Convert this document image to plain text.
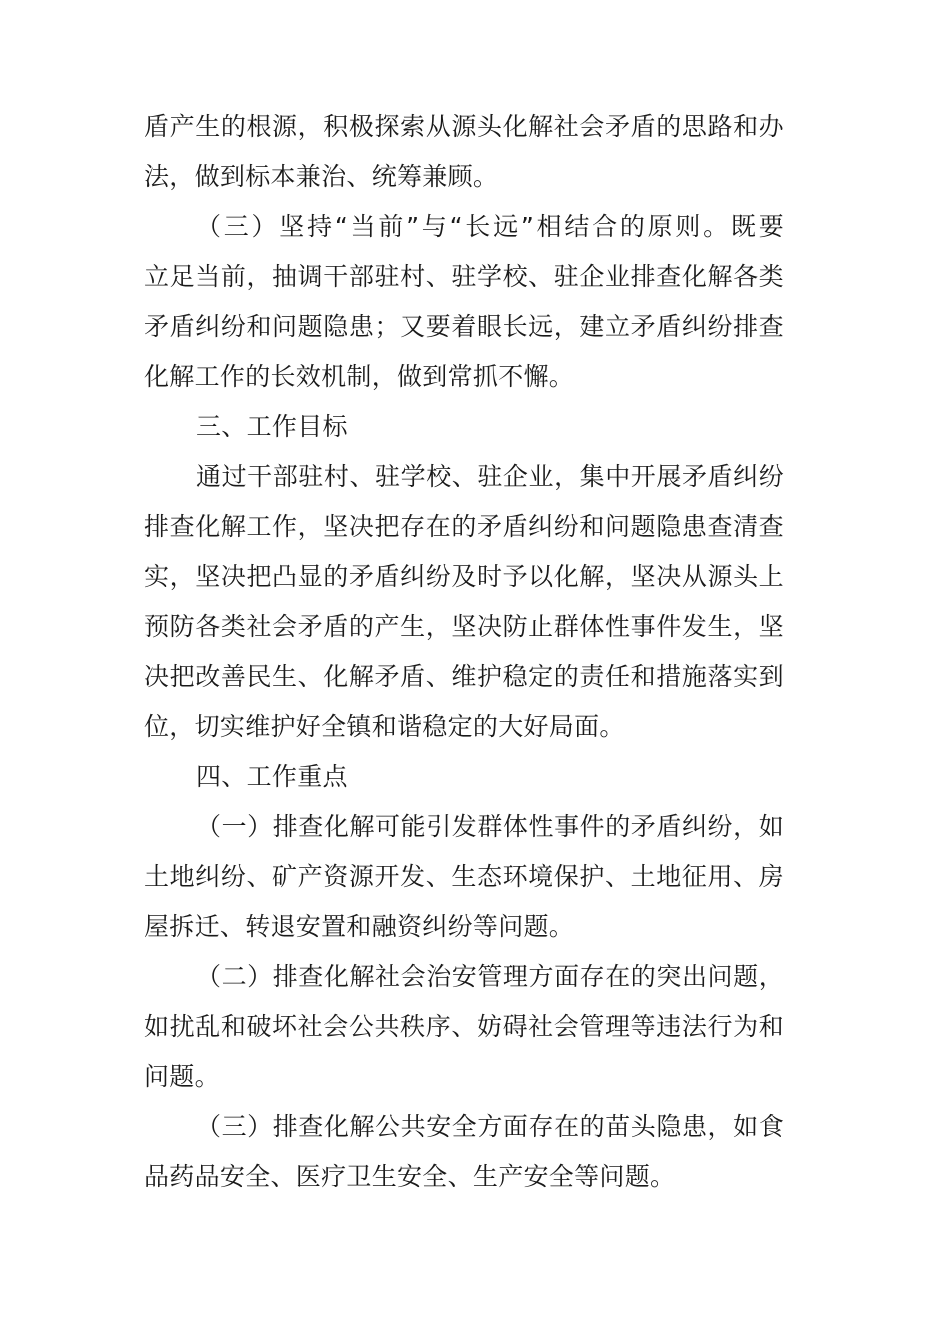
盾产生的根源，积极探索从源头化解社会矛盾的思路和办
法，做到标本兼治、统筹兼顾。
（三）坚持“当前”与“长远”相结合的原则。既要
立足当前，抽调干部驻村、驻学校、驻企业排查化解各类
矛盾纠纷和问题隐患；又要着眼长远，建立矛盾纠纷排查
化解工作的长效机制，做到常抓不懈。
三、工作目标
通过干部驻村、驻学校、驻企业，集中开展矛盾纠纷
排查化解工作，坚决把存在的矛盾纠纷和问题隐患查清查
实，坚决把凸显的矛盾纠纷及时予以化解，坚决从源头上
预防各类社会矛盾的产生，坚决防止群体性事件发生，坚
决把改善民生、化解矛盾、维护稳定的责任和措施落实到
位，切实维护好全镇和谐稳定的大好局面。
四、工作重点
（一）排查化解可能引发群体性事件的矛盾纠纷，如
土地纠纷、矿产资源开发、生态环境保护、土地征用、房
屋拆迁、转退安置和融资纠纷等问题。
（二）排查化解社会治安管理方面存在的突出问题，
如扰乱和破坏社会公共秩序、妨碍社会管理等违法行为和
问题。
（三）排查化解公共安全方面存在的苗头隐患，如食
品药品安全、医疗卫生安全、生产安全等问题。
